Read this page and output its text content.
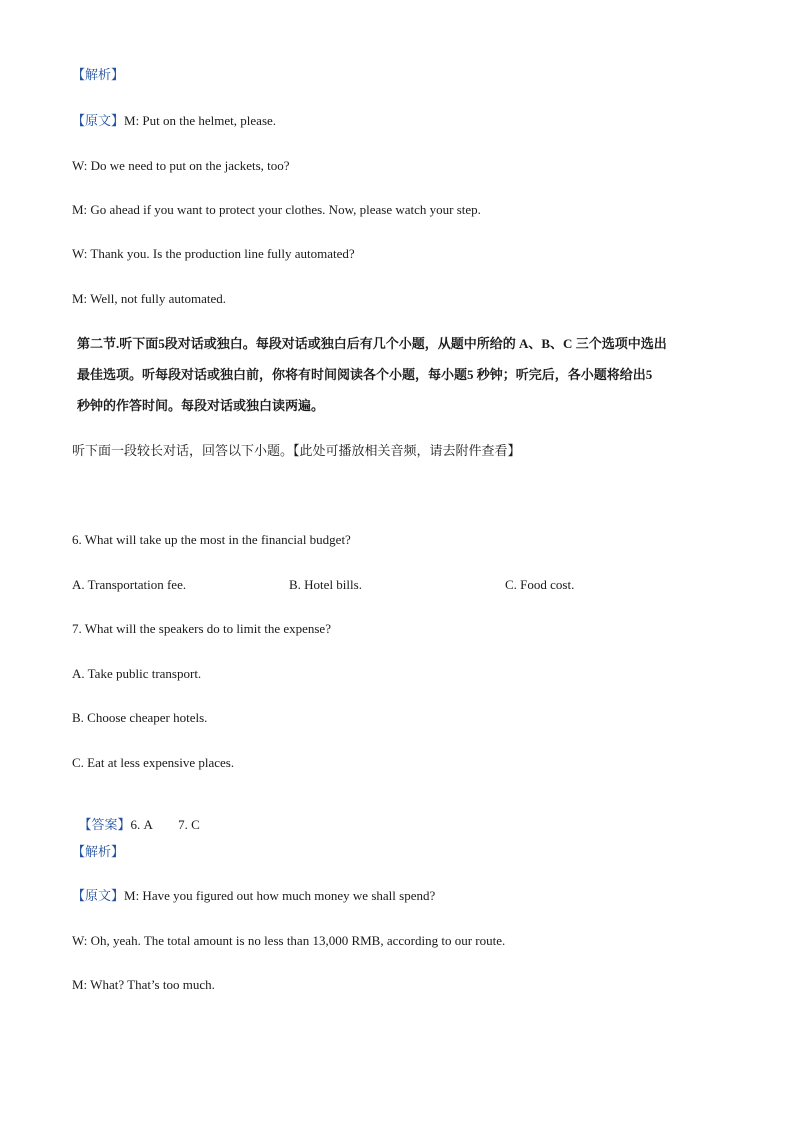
【解析】
【原文】M: Put on the helmet, please.
W: Do we need to put on the jackets, too?
M: Go ahead if you want to protect your clothes. Now, please watch your step.
W: Thank you. Is the production line fully automated?
M: Well, not fully automated.
第二节.听下面5段对话或独白。每段对话或独白后有几个小题，从题中所给的 A、B、C 三个选项中选出
最佳选项。听每段对话或独白前，你将有时间阅读各个小题，每小题5 秒钟；听完后，各小题将给出5
秒钟的作答时间。每段对话或独白读两遍。
听下面一段较长对话，回答以下小题。【此处可播放相关音频，请去附件查看】
6. What will take up the most in the financial budget?
A. Transportation fee.	B. Hotel bills.	C. Food cost.
7. What will the speakers do to limit the expense?
A. Take public transport.
B. Choose cheaper hotels.
C. Eat at less expensive places.

【答案】6. A        7. C

【解析】
【原文】M: Have you figured out how much money we shall spend?
W: Oh, yeah. The total amount is no less than 13,000 RMB, according to our route.
M: What? That’s too much.
